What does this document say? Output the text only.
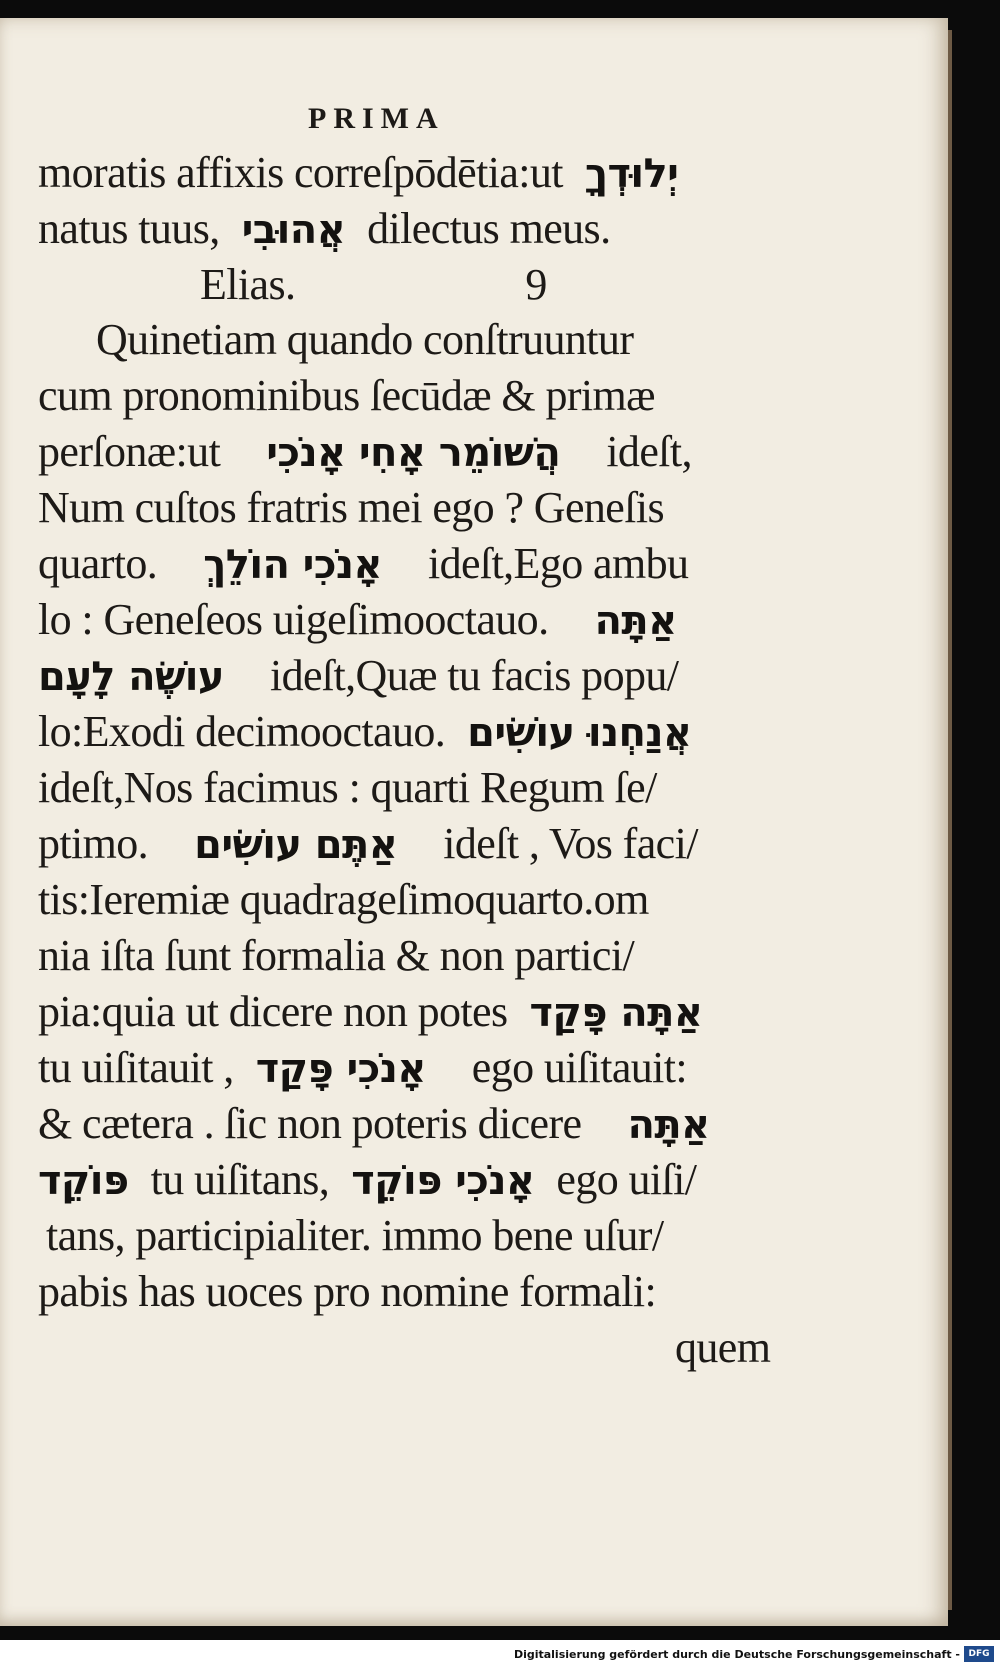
PRIMA
moratis affixis correſpōdētia:ut יְלוּדְךָ
natus tuus, אֲהוּבִי dilectus meus.
Elias.	9
Quinetiam quando conſtruuntur
cum pronominibus ſecūdæ & primæ
perſonæ:ut הֲשׁוֹמֵר אָחִי אָנֹכִי ideſt,
Num cuſtos fratris mei ego ? Geneſis
quarto. אָנֹכִי הוֹלֵךְ ideſt,Ego ambu
lo : Geneſeos uigeſimooctauo. אַתָּה
עוֹשֶׂה לָעָם ideſt,Quæ tu facis popu/
lo:Exodi decimooctauo. אֲנַחְנוּ עוֹשִׂים
ideſt,Nos facimus : quarti Regum ſe/
ptimo. אַתֶּם עוֹשִׂים ideſt , Vos faci/
tis:Ieremiæ quadrageſimoquarto.om
nia iſta ſunt formalia & non partici/
pia:quia ut dicere non potes אַתָּה פָּקַד
tu uiſitauit , אָנֹכִי פָּקַד ego uiſitauit:
& cætera . ſic non poteris dicere אַתָּה
פּוֹקֵד tu uiſitans, אָנֹכִי פּוֹקֵד ego uiſi/
tans, participialiter. immo bene uſur/
pabis has uoces pro nomine formali:
quem
Digitalisierung gefördert durch die Deutsche Forschungsgemeinschaft - DFG
